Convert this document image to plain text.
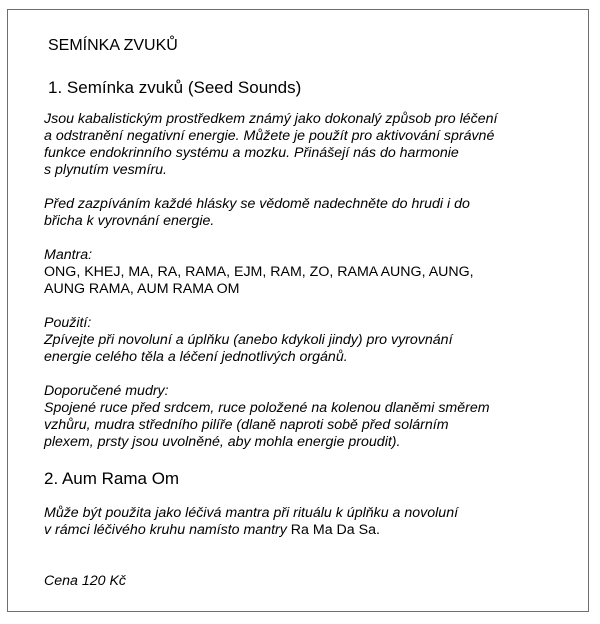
SEMÍNKA ZVUKŮ
1. Semínka zvuků (Seed Sounds)
Jsou kabalistickým prostředkem známý jako dokonalý způsob pro léčení
a odstranění negativní energie. Můžete je použít pro aktivování správné
funkce endokrinního systému a mozku. Přinášejí nás do harmonie
s plynutím vesmíru.
Před zazpíváním každé hlásky se vědomě nadechněte do hrudi i do
břicha k vyrovnání energie.
Mantra:
ONG, KHEJ, MA, RA, RAMA, EJM, RAM, ZO, RAMA AUNG, AUNG,
AUNG RAMA, AUM RAMA OM
Použití:
Zpívejte při novoluní a úplňku (anebo kdykoli jindy) pro vyrovnání
energie celého těla a léčení jednotlivých orgánů.
Doporučené mudry:
Spojené ruce před srdcem, ruce položené na kolenou dlaněmi směrem
vzhůru, mudra středního pilíře (dlaně naproti sobě před solárním
plexem, prsty jsou uvolněné, aby mohla energie proudit).
2. Aum Rama Om
Může být použita jako léčivá mantra při rituálu k úplňku a novoluní
v rámci léčivého kruhu namísto mantry Ra Ma Da Sa.
Cena 120 Kč
